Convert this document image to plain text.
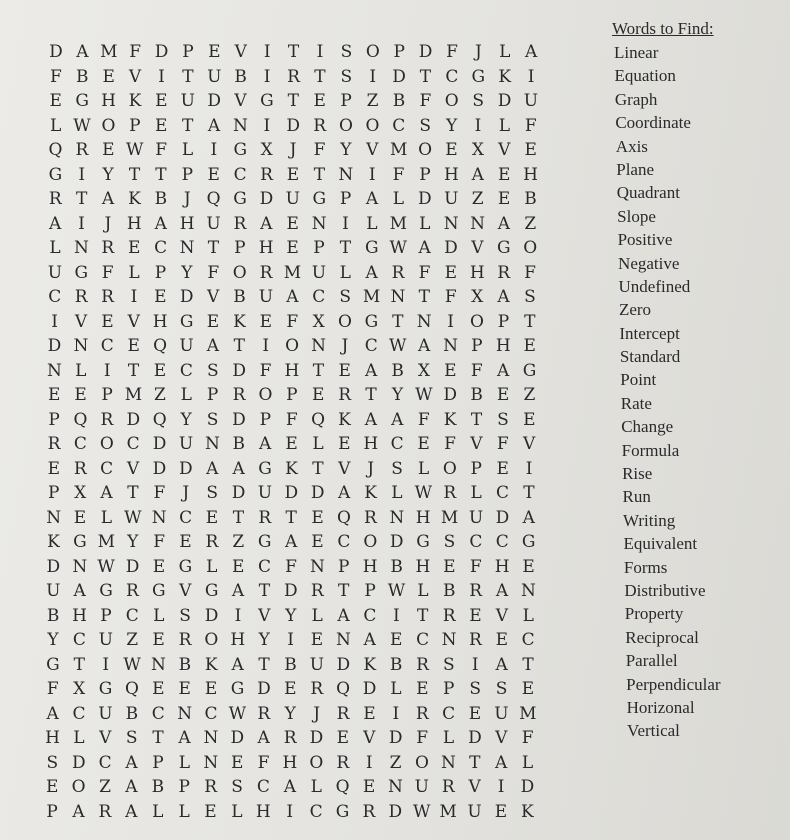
D A M F D P E V I	T	I	S O P D F	J	L A
F B E V I	T U B I R T S	I D T C G K I
E G H K E U D V G T E P Z B F O S D U
L W O P E T A N I D R O O C S Y	I	L F
Q R E W F L	I G X J	F Y V M O E X V E
G I	Y T T P E C R E T N I	F P H A E H
R T A K B J Q G D U G P A L D U Z E B
A I	J H A H U R A E N I	L M L N N A Z
L N R E C N T P H E P T G W A D V G O
U G F L P Y F O R M U L A R F E H R F
C R R I E D V B U A C S M N T F X A S
I V E V H G E K E F X O G T N I O P T
D N C E Q U A T	I O N J C W A N P H E
N L	I	T E C S D F H T E A B X E F A G
E E P M Z L P R O P E R T Y W D B E Z
P Q R D Q Y S D P F Q K A A F K T S E
R C O C D U N B A E L E H C E F V F V
E R C V D D A A G K T V J	S L O P E I
P X A T F	J	S D U D D A K L W R L C T
N E L W N C E T R T E Q R N H M U D A
K G M Y F E R Z G A E C O D G S C C G
D N W D E G L E C F N P H B H E F H E
U A G R G V G A T D R T P W L B R A N
B H P C L S D I V Y L A C I	T R E V L
Y C U Z E R O H Y	I E N A E C N R E C
G T	I W N B K A T B U D K B R S	I A T
F X G Q E E E G D E R Q D L E P S S E
A C U B C N C W R Y	J R E I R C E U M
H L V S T A N D A R D E V D F L D V F
S D C A P L N E F H O R I	Z O N T A L
E O Z A B P R S C A L Q E N U R V I D
P A R A L L E L H I C G R D W M U E K
Words to Find:
Linear
Equation
Graph
Coordinate
Axis
Plane
Quadrant
Slope
Positive
Negative
Undefined
Zero
Intercept
Standard
Point
Rate
Change
Formula
Rise
Run
Writing
Equivalent
Forms
Distributive
Property
Reciprocal
Parallel
Perpendicular
Horizonal
Vertical
